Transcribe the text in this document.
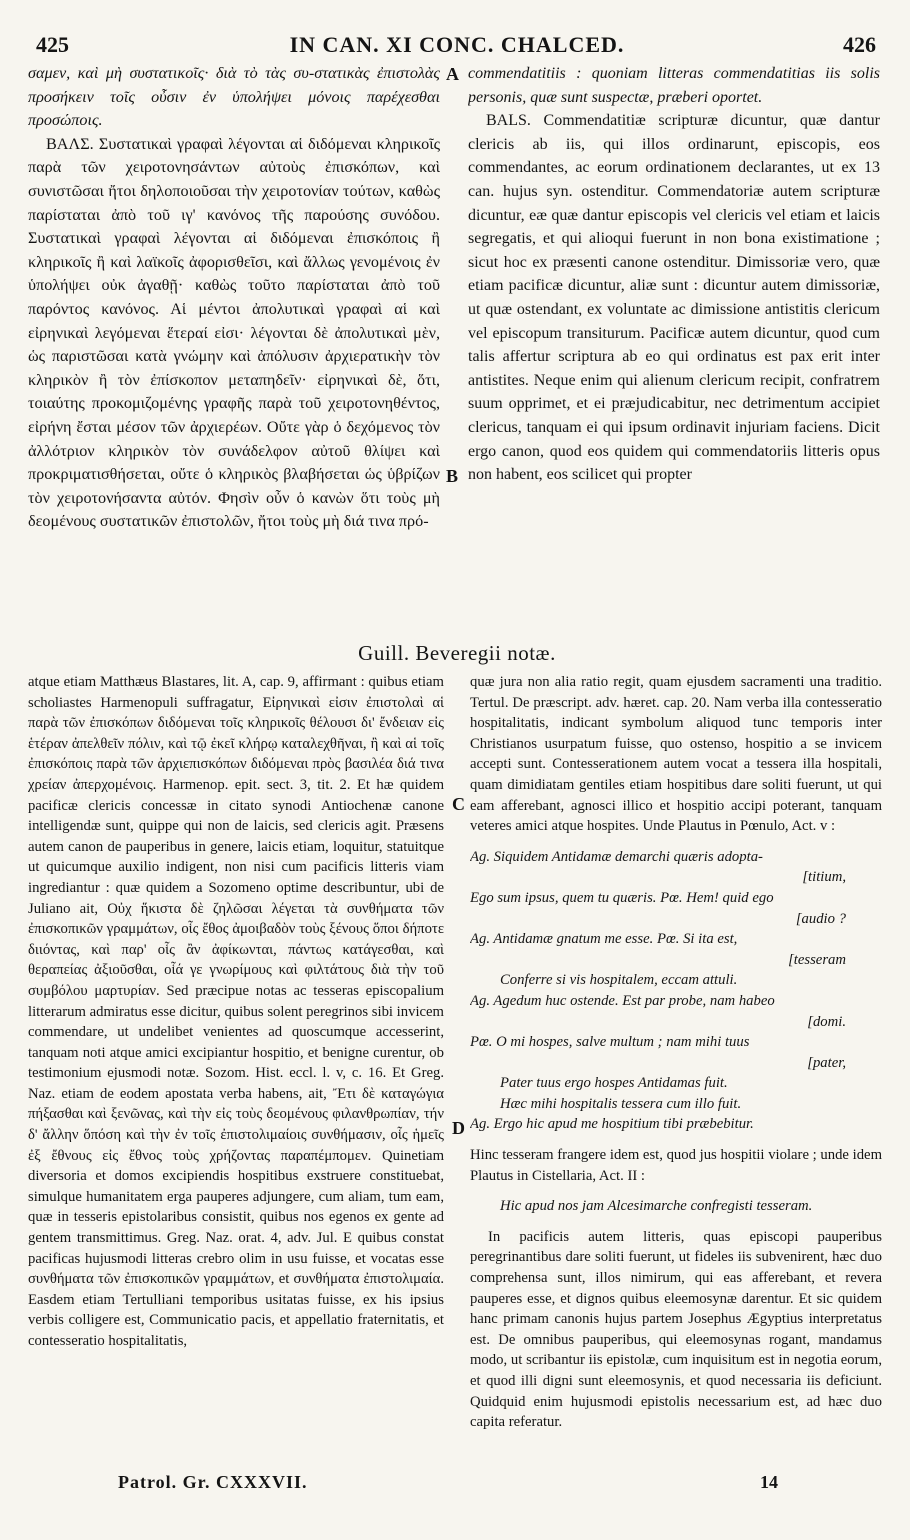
425	IN CAN. XI CONC. CHALCED.	426

σαμεν, καὶ μὴ συστατικοῖς· διὰ τὸ τὰς συ-στατικὰς ἐπιστολὰς προσήκειν τοῖς οὖσιν ἐν ὑπολήψει μόνοις παρέχεσθαι προσώποις.

ΒΑΛΣ. Συστατικαὶ γραφαὶ λέγονται αἱ διδόμεναι κληρικοῖς παρὰ τῶν χειροτονησάντων αὐτοὺς ἐπισκόπων, καὶ συνιστῶσαι ἤτοι δηλοποιοῦσαι τὴν χειροτονίαν τούτων, καθὼς παρίσταται ἀπὸ τοῦ ιγ' κανόνος τῆς παρούσης συνόδου. Συστατικαὶ γραφαὶ λέγονται αἱ διδόμεναι ἐπισκόποις ἢ κληρικοῖς ἢ καὶ λαϊκοῖς ἀφορισθεῖσι, καὶ ἄλλως γενομένοις ἐν ὑπολήψει οὐκ ἀγαθῇ· καθὼς τοῦτο παρίσταται ἀπὸ τοῦ παρόντος κανόνος. Αἱ μέντοι ἀπολυτικαὶ γραφαὶ αἱ καὶ εἰρηνικαὶ λεγόμεναι ἕτεραί εἰσι· λέγονται δὲ ἀπολυτικαὶ μὲν, ὡς παριστῶσαι κατὰ γνώμην καὶ ἀπόλυσιν ἀρχιερατικὴν τὸν κληρικὸν ἢ τὸν ἐπίσκοπον μεταπηδεῖν· εἰρηνικαὶ δὲ, ὅτι, τοιαύτης προκομιζομένης γραφῆς παρὰ τοῦ χειροτονηθέντος, εἰρήνη ἔσται μέσον τῶν ἀρχιερέων. Οὔτε γὰρ ὁ δεχόμενος τὸν ἀλλότριον κληρικὸν τὸν συνάδελφον αὐτοῦ θλίψει καὶ προκριματισθήσεται, οὔτε ὁ κληρικὸς βλαβήσεται ὡς ὑβρίζων τὸν χειροτονήσαντα αὐτόν. Φησὶν οὖν ὁ κανὼν ὅτι τοὺς μὴ δεομένους συστατικῶν ἐπιστολῶν, ἤτοι τοὺς μὴ διά τινα πρό-

A
B

commendatitiis : quoniam litteras commendatitias iis solis personis, quæ sunt suspectæ, præberi oportet.

BALS. Commendatitiæ scripturæ dicuntur, quæ dantur clericis ab iis, qui illos ordinarunt, episcopis, eos commendantes, ac eorum ordinationem declarantes, ut ex 13 can. hujus syn. ostenditur. Commendatoriæ autem scripturæ dicuntur, eæ quæ dantur episcopis vel clericis vel etiam et laicis segregatis, et qui alioqui fuerunt in non bona existimatione ; sicut hoc ex præsenti canone ostenditur. Dimissoriæ vero, quæ etiam pacificæ dicuntur, aliæ sunt : dicuntur autem dimissoriæ, ut quæ ostendant, ex voluntate ac dimissione antistitis clericum vel episcopum transiturum. Pacificæ autem dicuntur, quod cum talis affertur scriptura ab eo qui ordinatus est pax erit inter antistites. Neque enim qui alienum clericum recipit, confratrem suum opprimet, et ei præjudicabitur, nec detrimentum accipiet clericus, tanquam ei qui ipsum ordinavit injuriam faciens. Dicit ergo canon, quod eos quidem qui commendatoriis litteris opus non habent, eos scilicet qui propter

Guill. Beveregii notæ.

atque etiam Matthæus Blastares, lit. A, cap. 9, affirmant : quibus etiam scholiastes Harmenopuli suffragatur, Εἰρηνικαὶ εἰσιν ἐπιστολαὶ αἱ παρὰ τῶν ἐπισκόπων διδόμεναι τοῖς κληρικοῖς θέλουσι δι' ἔνδειαν εἰς ἑτέραν ἀπελθεῖν πόλιν, καὶ τῷ ἐκεῖ κλήρῳ καταλεχθῆναι, ἢ καὶ αἱ τοῖς ἐπισκόποις παρὰ τῶν ἀρχιεπισκόπων διδόμεναι πρὸς βασιλέα διά τινα χρείαν ἀπερχομένοις. Harmenop. epit. sect. 3, tit. 2. Et hæ quidem pacificæ clericis concessæ in citato synodi Antiochenæ canone intelligendæ sunt, quippe qui non de laicis, sed clericis agit. Præsens autem canon de pauperibus in genere, laicis etiam, loquitur, statuitque ut quicumque auxilio indigent, non nisi cum pacificis litteris viam ingrediantur : quæ quidem a Sozomeno optime describuntur, ubi de Juliano ait, Οὐχ ἥκιστα δὲ ζηλῶσαι λέγεται τὰ συνθήματα τῶν ἐπισκοπικῶν γραμμάτων, οἷς ἔθος ἀμοιβαδὸν τοὺς ξένους ὅποι δήποτε διιόντας, καὶ παρ' οἷς ἂν ἀφίκωνται, πάντως κατάγεσθαι, καὶ θεραπείας ἀξιοῦσθαι, οἷά γε γνωρίμους καὶ φιλτάτους διὰ τὴν τοῦ συμβόλου μαρτυρίαν. Sed præcipue notas ac tesseras episcopalium litterarum admiratus esse dicitur, quibus solent peregrinos sibi invicem commendare, ut undelibet venientes ad quoscumque accesserint, tanquam noti atque amici excipiantur hospitio, et benigne curentur, ob testimonium ejusmodi notæ. Sozom. Hist. eccl. l. v, c. 16. Et Greg. Naz. etiam de eodem apostata verba habens, ait, Ἔτι δὲ καταγώγια πήξασθαι καὶ ξενῶνας, καὶ τὴν εἰς τοὺς δεομένους φιλανθρωπίαν, τήν δ' ἄλλην ὅπόση καὶ τὴν ἐν τοῖς ἐπιστολιμαίοις συνθήμασιν, οἷς ἡμεῖς ἐξ ἔθνους εἰς ἔθνος τοὺς χρήζοντας παραπέμπομεν. Quinetiam diversoria et domos excipiendis hospitibus exstruere constituebat, simulque humanitatem erga pauperes adjungere, cum aliam, tum eam, quæ in tesseris epistolaribus consistit, quibus nos egenos ex gente ad gentem transmittimus. Greg. Naz. orat. 4, adv. Jul. E quibus constat pacificas hujusmodi litteras crebro olim in usu fuisse, et vocatas esse συνθήματα τῶν ἐπισκοπικῶν γραμμάτων, et συνθήματα ἐπιστολιμαία. Easdem etiam Tertulliani temporibus usitatas fuisse, ex his ipsius verbis colligere est, Communicatio pacis, et appellatio fraternitatis, et contesseratio hospitalitatis,

C
D

quæ jura non alia ratio regit, quam ejusdem sacramenti una traditio. Tertul. De præscript. adv. hæret. cap. 20. Nam verba illa contesseratio hospitalitatis, indicant symbolum aliquod tunc temporis inter Christianos usurpatum fuisse, quo ostenso, hospitio a se invicem accepti sunt. Contesserationem autem vocat a tessera illa hospitali, quam dimidiatam gentiles etiam hospitibus dare soliti fuerunt, ut qui eam afferebant, agnosci illico et hospitio accipi poterant, tanquam veteres amici atque hospites. Unde Plautus in Pœnulo, Act. v :

Ag. Siquidem Antidamæ demarchi quæris adopta-

[titium,

Ego sum ipsus, quem tu quæris. Pœ. Hem! quid ego

[audio ?

Ag. Antidamæ gnatum me esse. Pœ. Si ita est,

[tesseram

Conferre si vis hospitalem, eccam attuli.

Ag. Agedum huc ostende. Est par probe, nam habeo

[domi.

Pœ. O mi hospes, salve multum ; nam mihi tuus

[pater,

Pater tuus ergo hospes Antidamas fuit.

Hæc mihi hospitalis tessera cum illo fuit.

Ag. Ergo hic apud me hospitium tibi præbebitur.

Hinc tesseram frangere idem est, quod jus hospitii violare ; unde idem Plautus in Cistellaria, Act. II :

Hic apud nos jam Alcesimarche confregisti tesseram.

In pacificis autem litteris, quas episcopi pauperibus peregrinantibus dare soliti fuerunt, ut fideles iis subvenirent, hæc duo comprehensa sunt, illos nimirum, qui eas afferebant, et revera pauperes esse, et dignos quibus eleemosynæ darentur. Et sic quidem hanc primam canonis hujus partem Josephus Ægyptius interpretatus est. De omnibus pauperibus, qui eleemosynas rogant, mandamus modo, ut scribantur iis epistolæ, cum inquisitum est in negotia eorum, et quod illi digni sunt eleemosynis, et quod necessaria iis deficiunt. Quidquid enim hujusmodi epistolis necessarium est, ad hæc duo capita referatur.

Patrol. Gr. CXXXVII.	14
